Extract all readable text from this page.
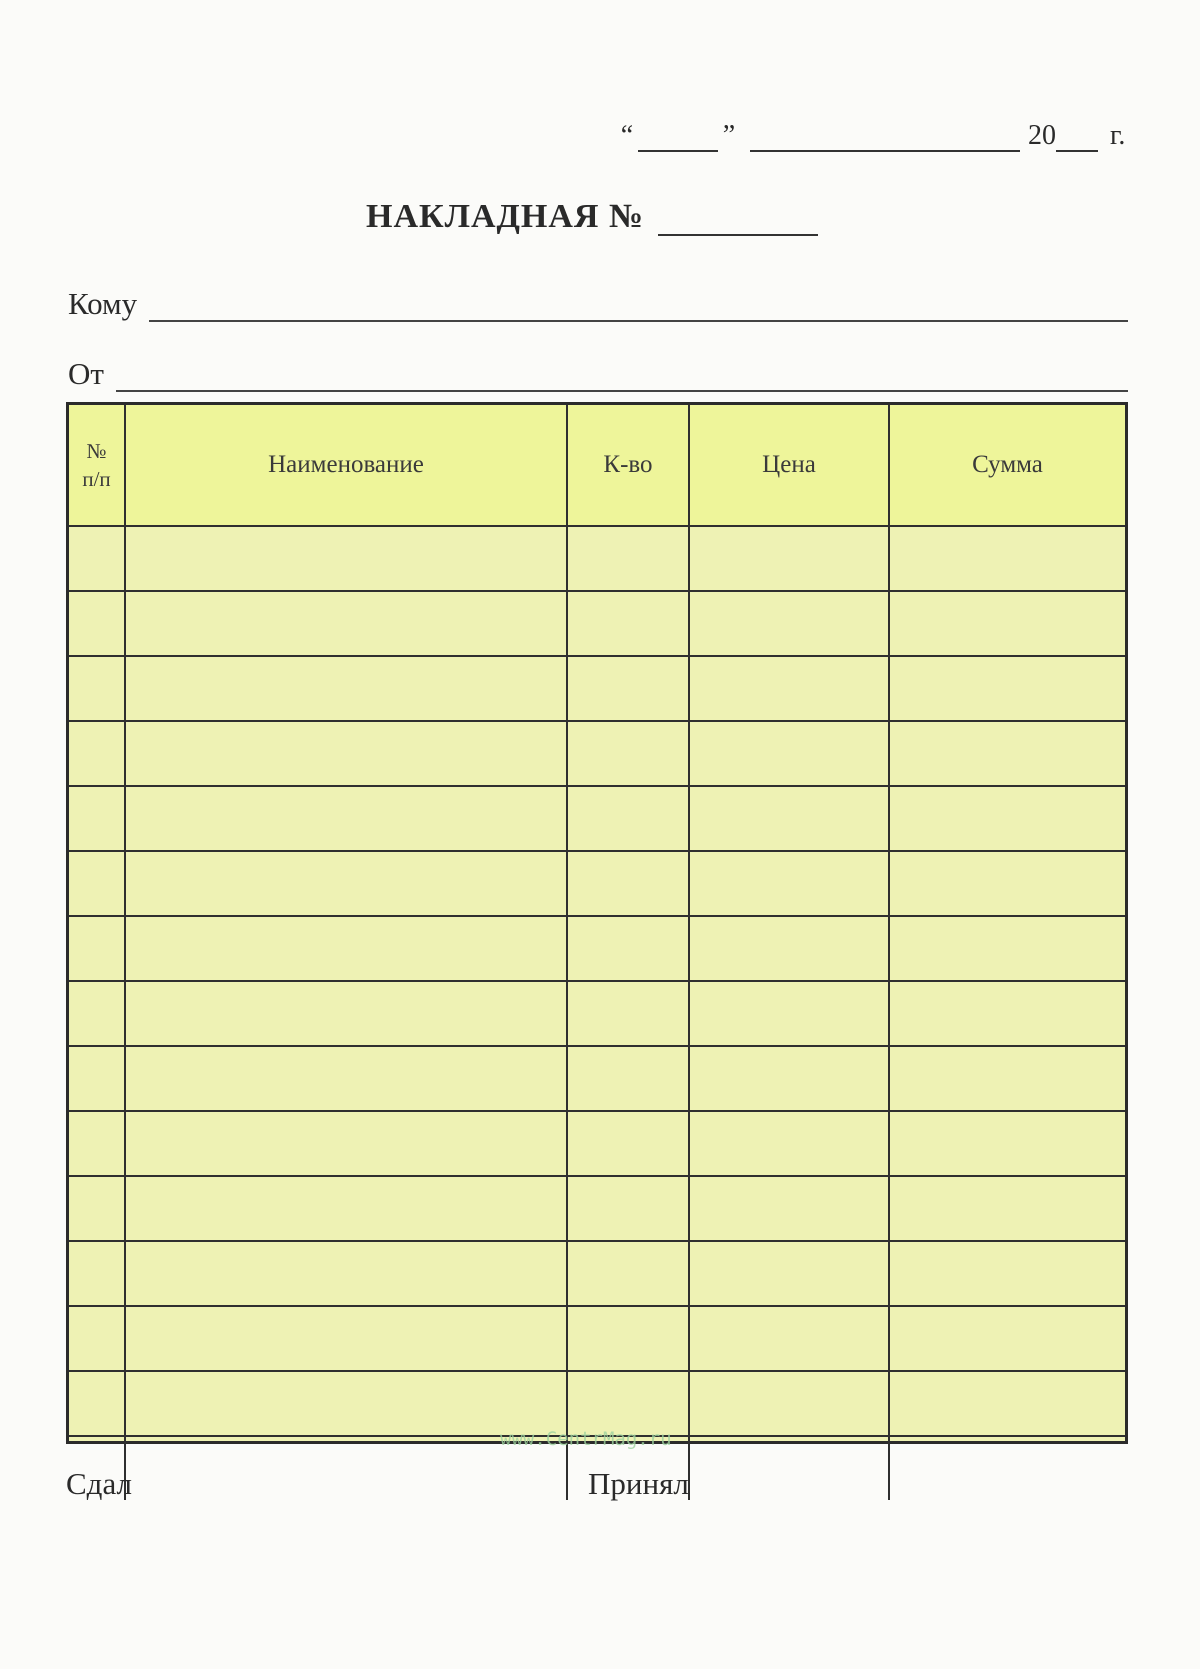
“	”	20 г.
НАКЛАДНАЯ №
Кому
От
№
п/п	Наименование	К-во	Цена	Сумма

www.CentrMag.ru
Сдал	Принял
